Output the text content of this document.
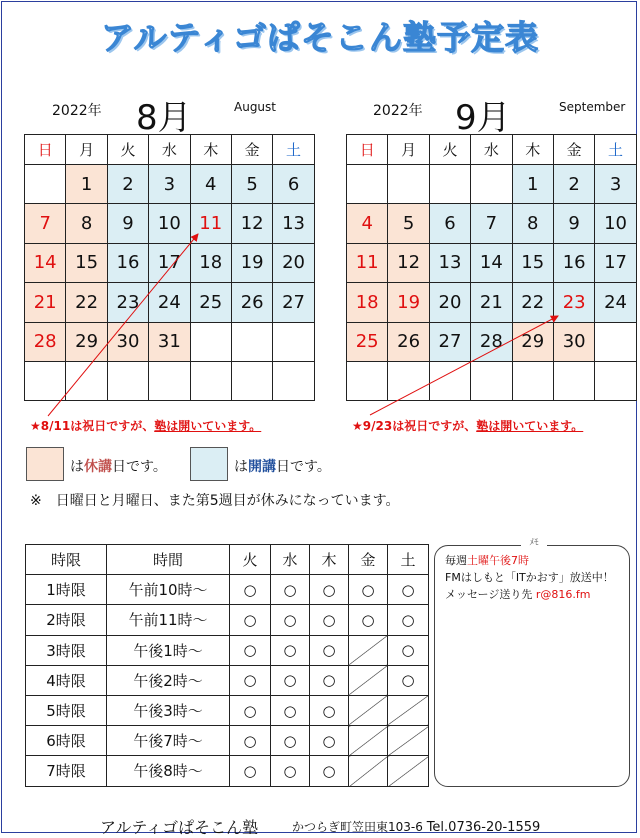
アルティゴぱそこん塾予定表
2022年 8月	August
日	月	火	水	木	金	土
	1	2	3	4	5	6
7	8	9	10	11	12	13
14	15	16	17	18	19	20
21	22	23	24	25	26	27
28	29	30	31			

2022年 9月	September
日	月	火	水	木	金	土
				1	2	3
4	5	6	7	8	9	10
11	12	13	14	15	16	17
18	19	20	21	22	23	24
25	26	27	28	29	30	

★8/11は祝日ですが、塾は開いています。	★9/23は祝日ですが、塾は開いています。
は休講日です。	は開講日です。
※　日曜日と月曜日、また第5週目が休みになっています。
時限	時間	火	水	木	金	土
1時限	午前10時～	○	○	○	○	○
2時限	午前11時～	○	○	○	○	○
3時限	午後1時～	○	○	○		○
4時限	午後2時～	○	○	○		○
5時限	午後3時～	○	○	○		
6時限	午後7時～	○	○	○		
7時限	午後8時～	○	○	○		
ﾒﾓ
毎週土曜午後7時
FMはしもと「ITかおす」放送中！
メッセージ送り先 r@816.fm
アルティゴぱそこん塾	かつらぎ町笠田東103-6 Tel.0736-20-1559
